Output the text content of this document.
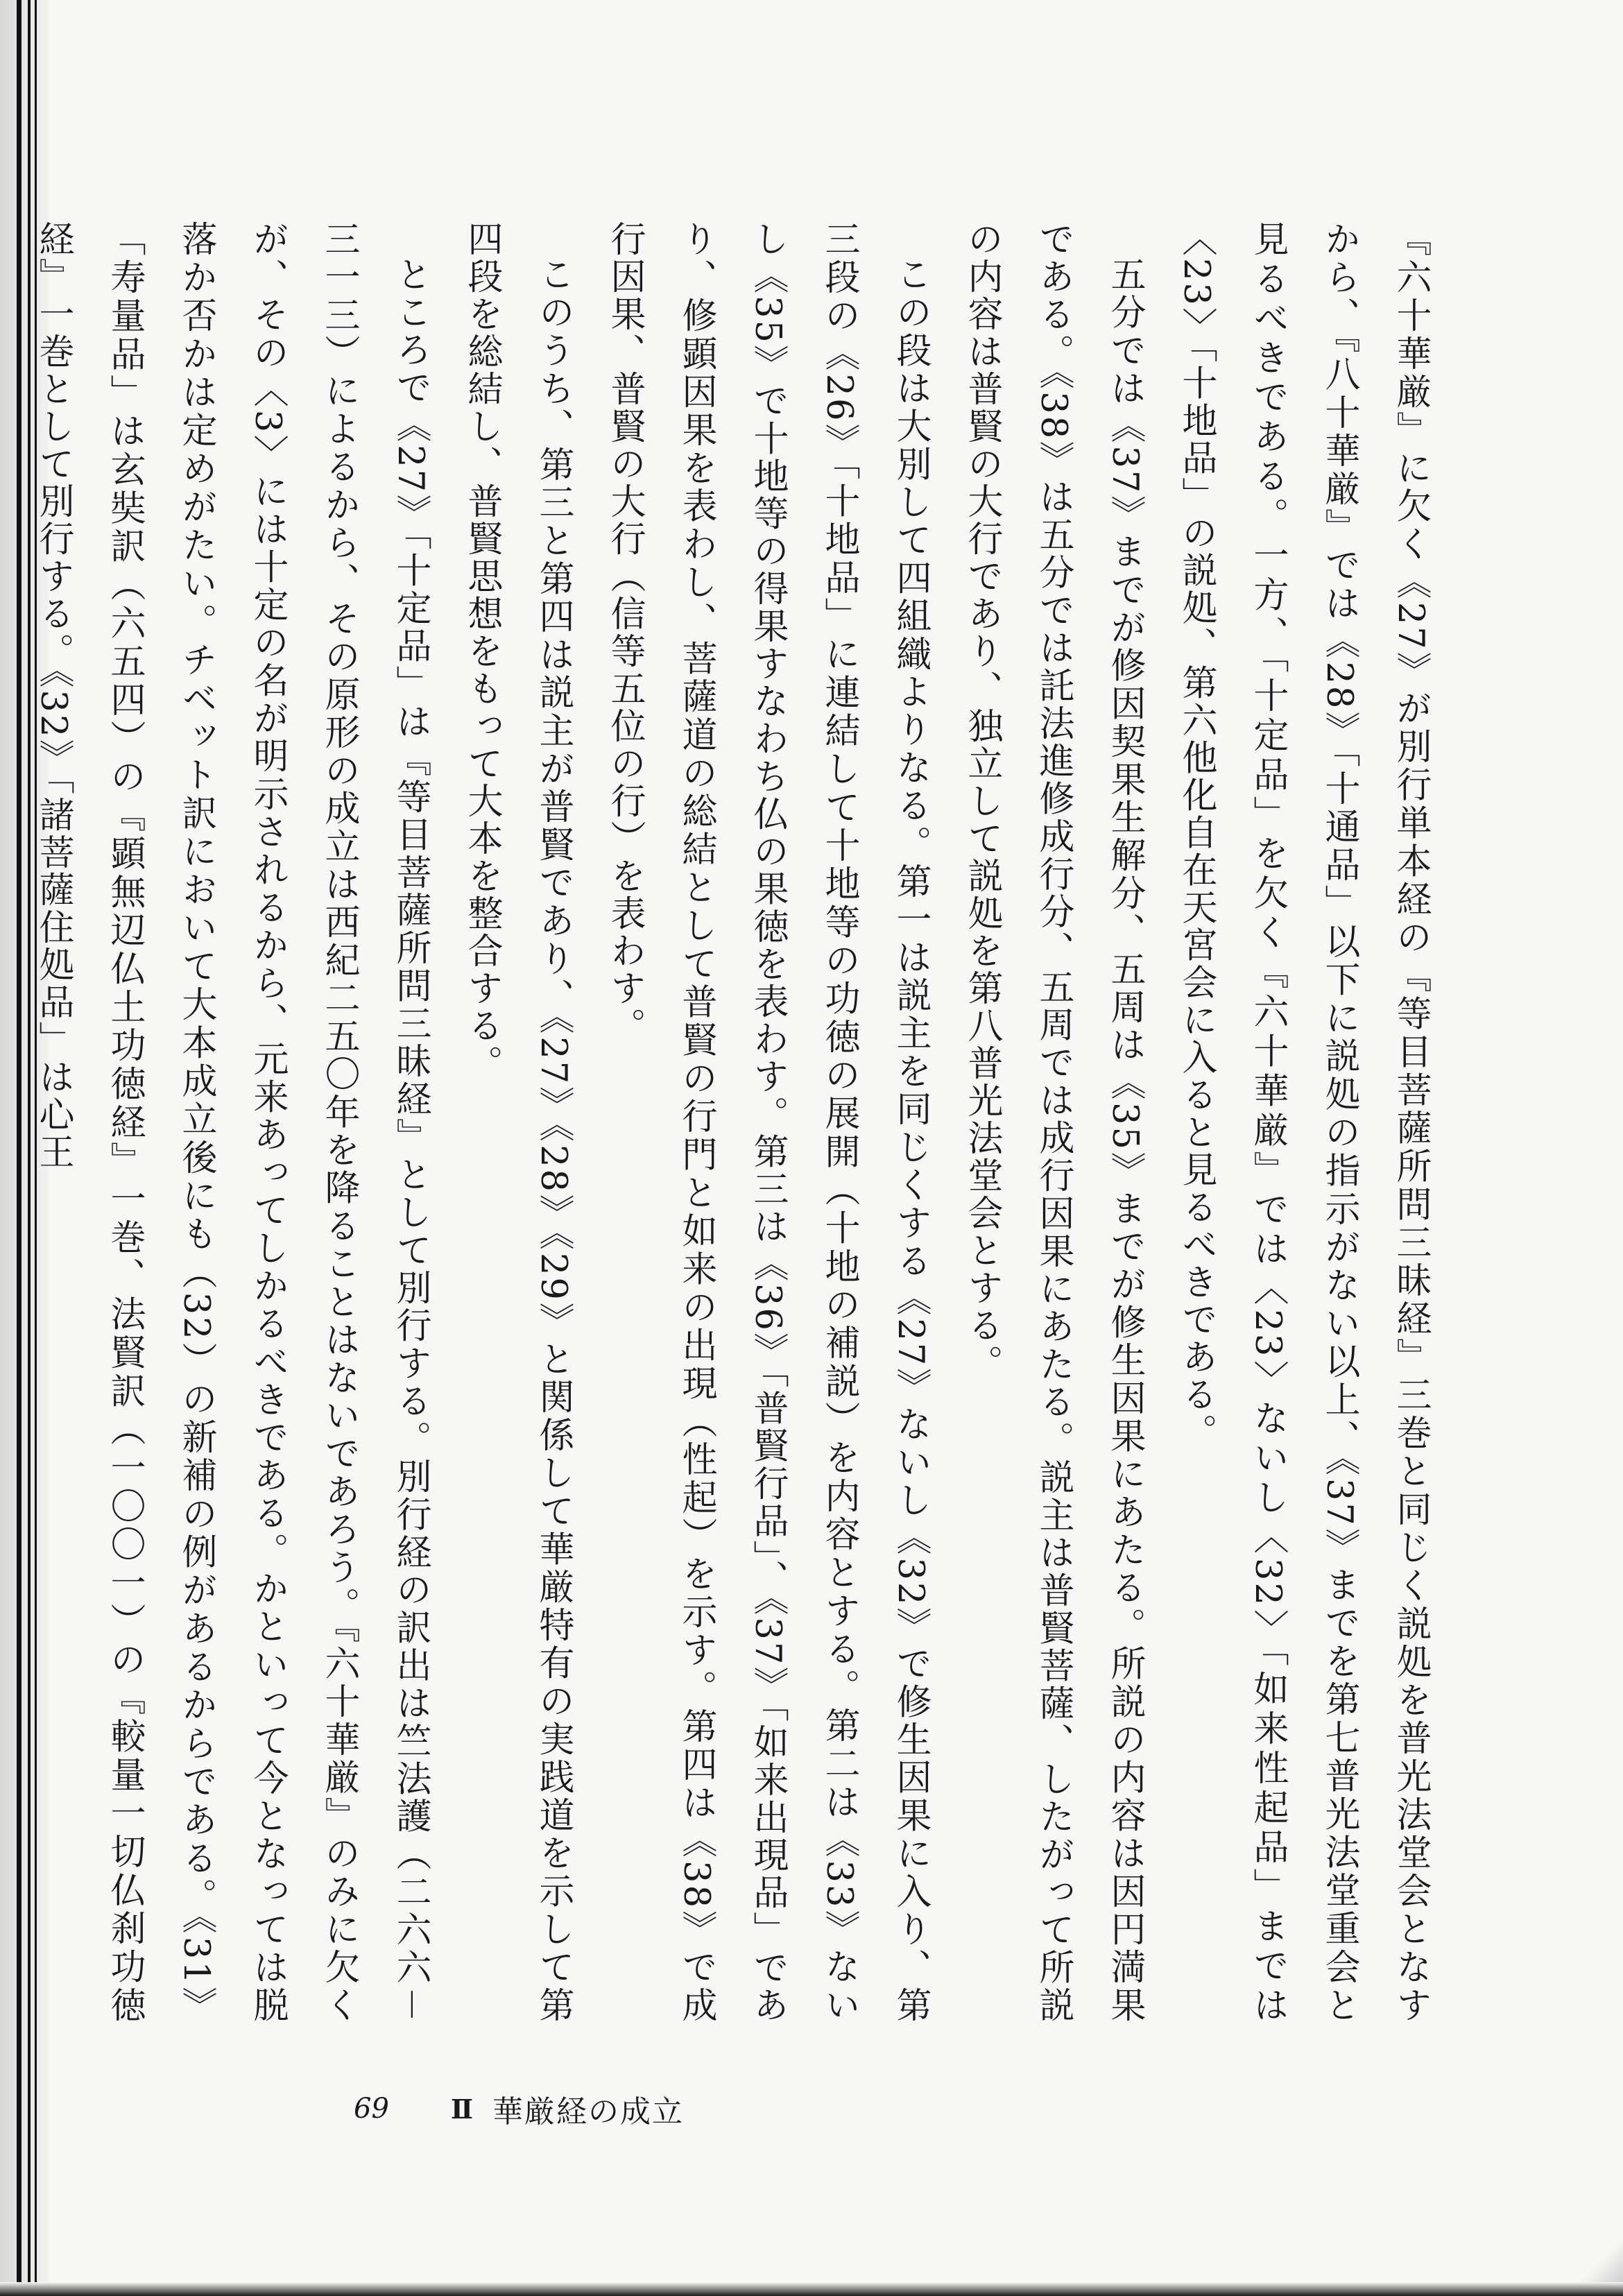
『六十華厳』に欠く《27》が別行単本経の『等目菩薩所問三昧経』三巻と同じく説処を普光法堂会となすから、『八十華厳』では《28》「十通品」以下に説処の指示がない以上、《37》までを第七普光法堂重会と見るべきである。一方、「十定品」を欠く『六十華厳』では〈23〉ないし〈32〉「如来性起品」までは〈23〉「十地品」の説処、第六他化自在天宮会に入ると見るべきである。

五分では《37》までが修因契果生解分、五周は《35》までが修生因果にあたる。所説の内容は因円満果である。《38》は五分では託法進修成行分、五周では成行因果にあたる。説主は普賢菩薩、したがって所説の内容は普賢の大行であり、独立して説処を第八普光法堂会とする。

この段は大別して四組織よりなる。第一は説主を同じくする《27》ないし《32》で修生因果に入り、第三段の《26》「十地品」に連結して十地等の功徳の展開（十地の補説）を内容とする。第二は《33》ないし《35》で十地等の得果すなわち仏の果徳を表わす。第三は《36》「普賢行品」、《37》「如来出現品」であり、修顕因果を表わし、菩薩道の総結として普賢の行門と如来の出現（性起）を示す。第四は《38》で成行因果、普賢の大行（信等五位の行）を表わす。

このうち、第三と第四は説主が普賢であり、《27》《28》《29》と関係して華厳特有の実践道を示して第四段を総結し、普賢思想をもって大本を整合する。

ところで《27》「十定品」は『等目菩薩所問三昧経』として別行する。別行経の訳出は竺法護（二六六－三一三）によるから、その原形の成立は西紀二五〇年を降ることはないであろう。『六十華厳』のみに欠くが、その〈3〉には十定の名が明示されるから、元来あってしかるべきである。かといって今となっては脱落か否かは定めがたい。チベット訳において大本成立後にも（32）の新補の例があるからである。《31》「寿量品」は玄奘訳（六五四）の『顕無辺仏土功徳経』一巻、法賢訳（一〇〇一）の『較量一切仏刹功徳経』一巻として別行する。《32》「諸菩薩住処品」は心王

69	Ⅱ 華厳経の成立
